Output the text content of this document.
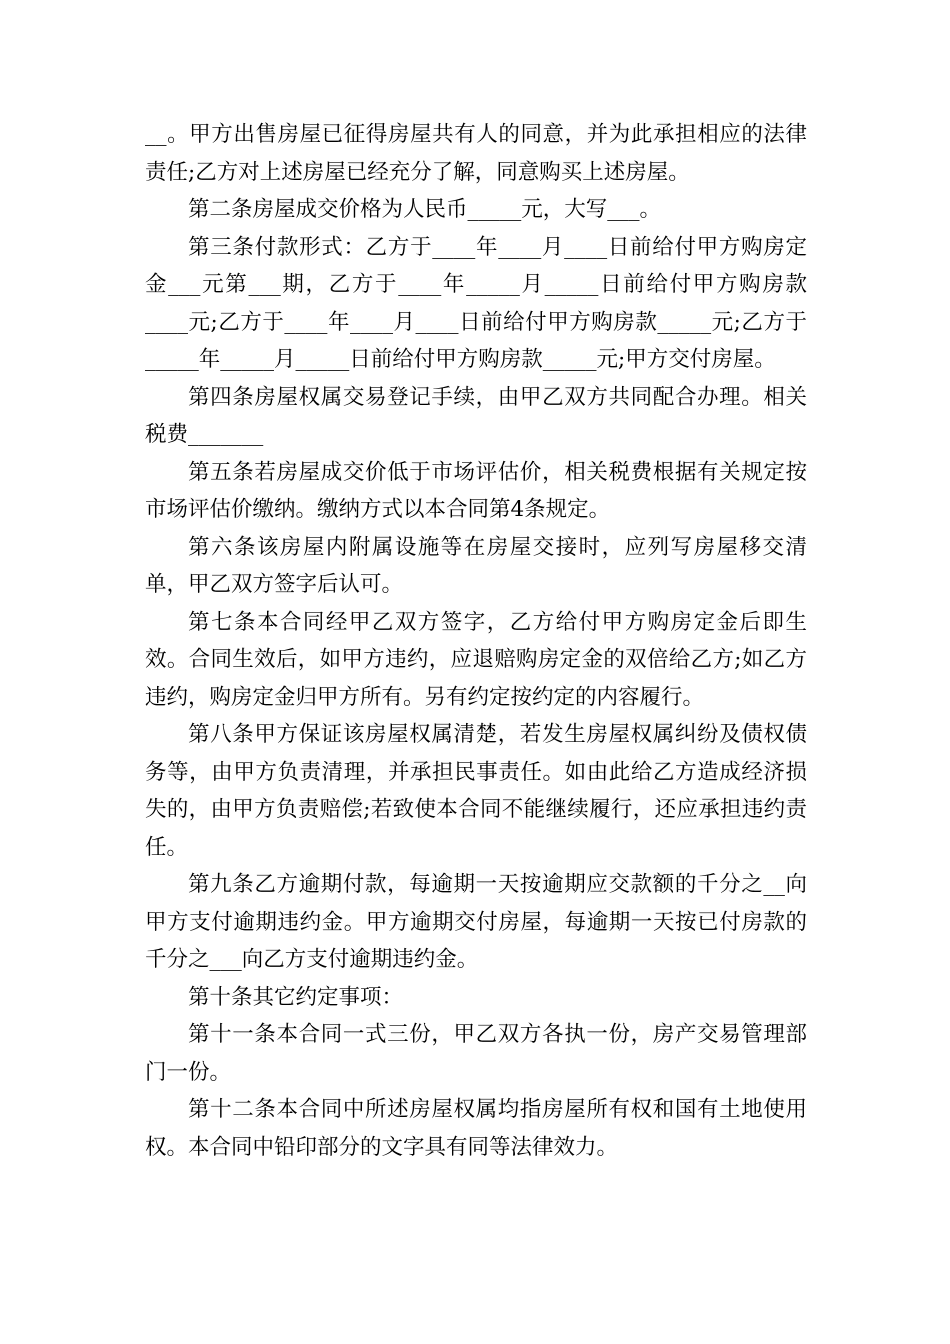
__。甲方出售房屋已征得房屋共有人的同意，并为此承担相应的法律责任;乙方对上述房屋已经充分了解，同意购买上述房屋。

第二条房屋成交价格为人民币_____元，大写___。

第三条付款形式：乙方于____年____月____日前给付甲方购房定金___元第___期，乙方于____年_____月_____日前给付甲方购房款____元;乙方于____年____月____日前给付甲方购房款_____元;乙方于_____年_____月_____日前给付甲方购房款_____元;甲方交付房屋。

第四条房屋权属交易登记手续，由甲乙双方共同配合办理。相关税费_______

第五条若房屋成交价低于市场评估价，相关税费根据有关规定按市场评估价缴纳。缴纳方式以本合同第4条规定。

第六条该房屋内附属设施等在房屋交接时，应列写房屋移交清单，甲乙双方签字后认可。

第七条本合同经甲乙双方签字，乙方给付甲方购房定金后即生效。合同生效后，如甲方违约，应退赔购房定金的双倍给乙方;如乙方违约，购房定金归甲方所有。另有约定按约定的内容履行。

第八条甲方保证该房屋权属清楚，若发生房屋权属纠纷及债权债务等，由甲方负责清理，并承担民事责任。如由此给乙方造成经济损失的，由甲方负责赔偿;若致使本合同不能继续履行，还应承担违约责任。

第九条乙方逾期付款，每逾期一天按逾期应交款额的千分之__向甲方支付逾期违约金。甲方逾期交付房屋，每逾期一天按已付房款的千分之___向乙方支付逾期违约金。

第十条其它约定事项：

第十一条本合同一式三份，甲乙双方各执一份，房产交易管理部门一份。

第十二条本合同中所述房屋权属均指房屋所有权和国有土地使用权。本合同中铅印部分的文字具有同等法律效力。
